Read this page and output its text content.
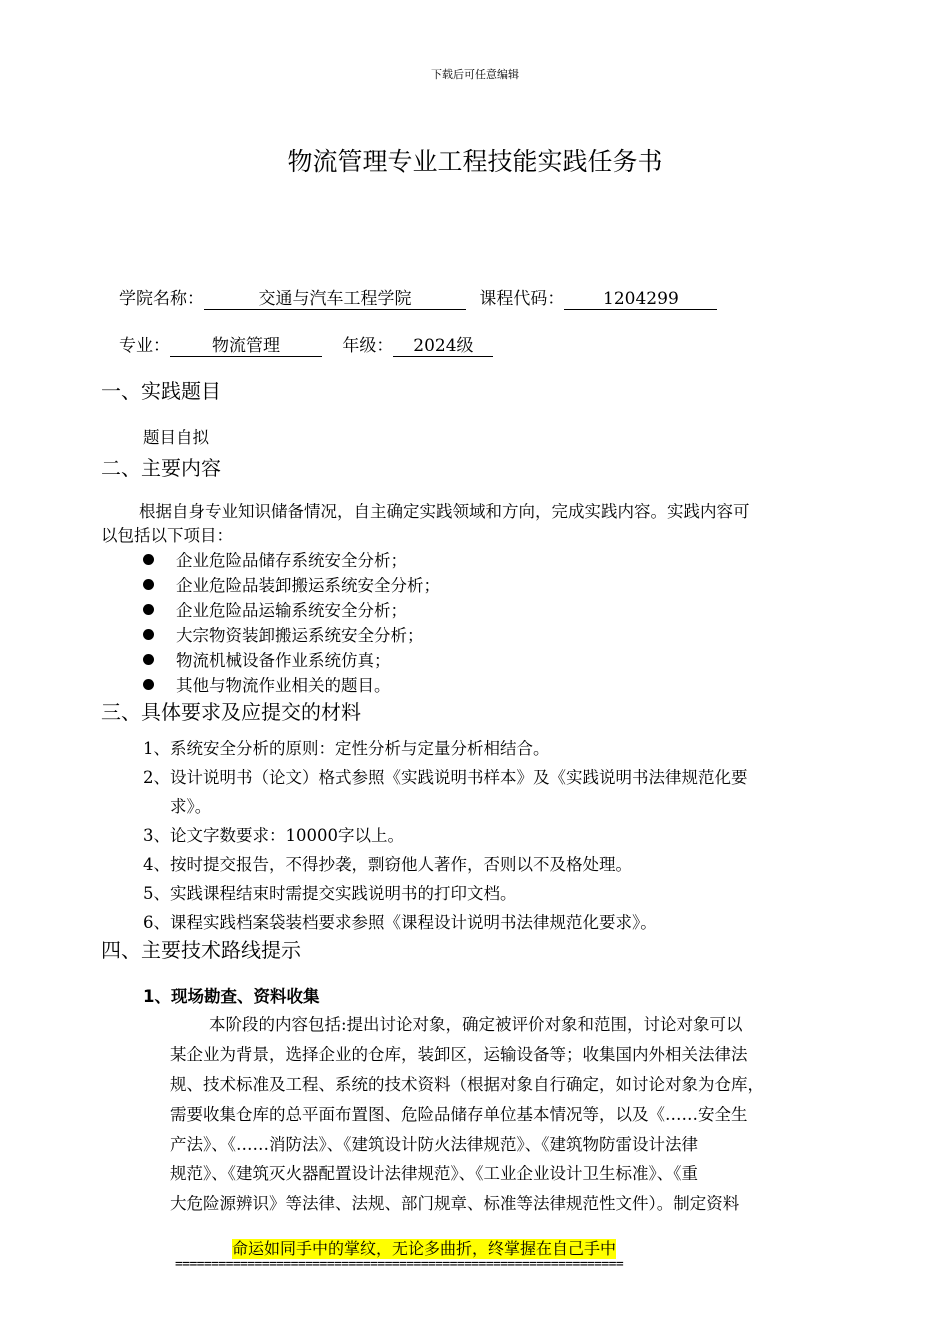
下载后可任意编辑
物流管理专业工程技能实践任务书
学院名称：	交通与汽车工程学院	课程代码： 1204299
专业： 物流管理	年级： 2024级
一、实践题目
题目自拟
二、主要内容
根据自身专业知识储备情况，自主确定实践领域和方向，完成实践内容。实践内容可
以包括以下项目：
企业危险品储存系统安全分析；
企业危险品装卸搬运系统安全分析；
企业危险品运输系统安全分析；
大宗物资装卸搬运系统安全分析；
物流机械设备作业系统仿真；
其他与物流作业相关的题目。
三、具体要求及应提交的材料
1、系统安全分析的原则：定性分析与定量分析相结合。
2、设计说明书（论文）格式参照《实践说明书样本》及《实践说明书法律规范化要
求》。
3、论文字数要求：10000字以上。
4、按时提交报告，不得抄袭，剽窃他人著作，否则以不及格处理。
5、实践课程结束时需提交实践说明书的打印文档。
6、课程实践档案袋装档要求参照《课程设计说明书法律规范化要求》。
四、主要技术路线提示
1、现场勘查、资料收集
本阶段的内容包括:提出讨论对象，确定被评价对象和范围，讨论对象可以
某企业为背景，选择企业的仓库，装卸区，运输设备等；收集国内外相关法律法
规、技术标准及工程、系统的技术资料（根据对象自行确定，如讨论对象为仓库，
需要收集仓库的总平面布置图、危险品储存单位基本情况等，以及《……安全生
产法》、《……消防法》、《建筑设计防火法律规范》、《建筑物防雷设计法律
规范》、《建筑灭火器配置设计法律规范》、《工业企业设计卫生标准》、《重
大危险源辨识》等法律、法规、部门规章、标准等法律规范性文件）。制定资料
命运如同手中的掌纹，无论多曲折，终掌握在自己手中
==============================================================
